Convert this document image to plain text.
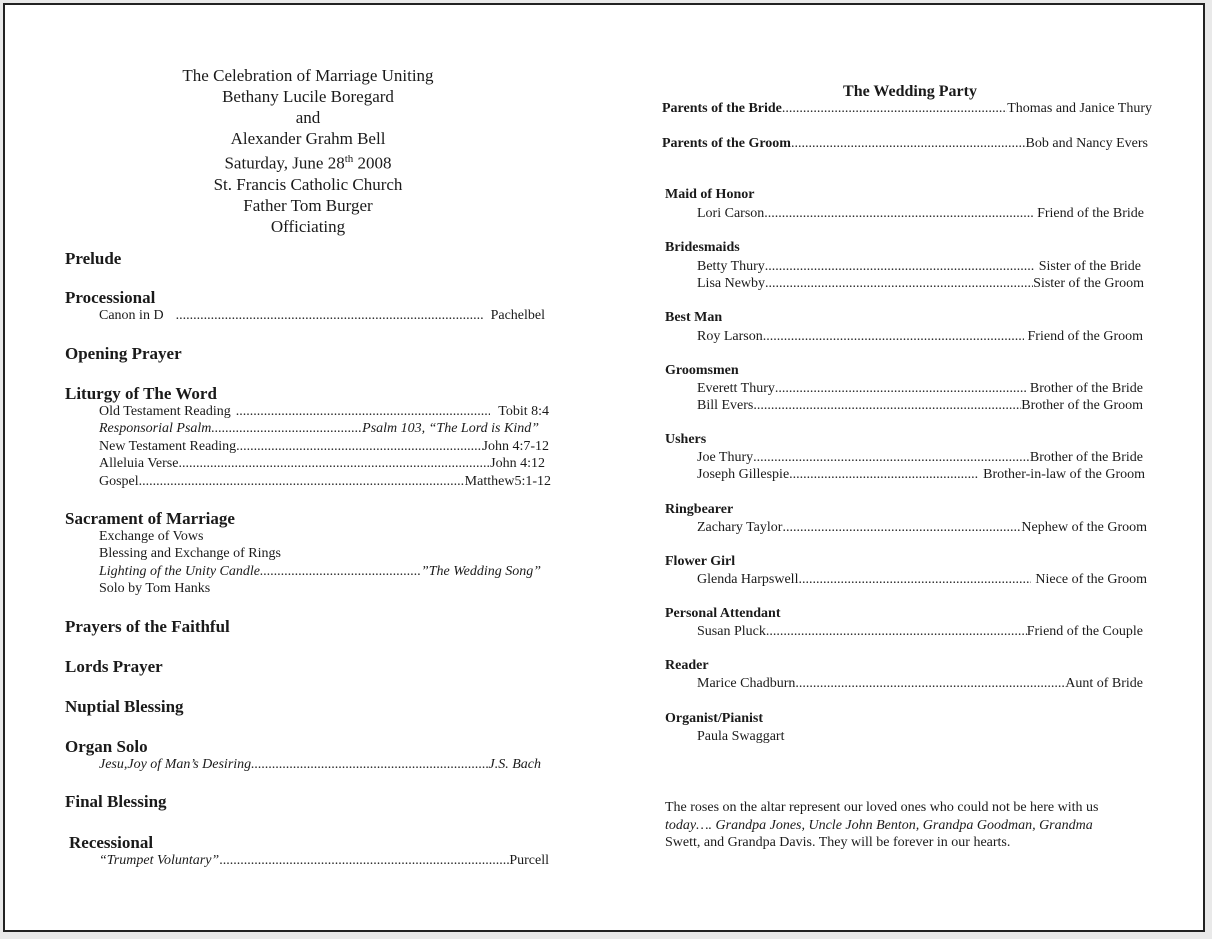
The Celebration of Marriage Uniting
Bethany Lucile Boregard
and
Alexander Grahm Bell
Saturday, June 28th 2008
St. Francis Catholic Church
Father Tom Burger
Officiating
Prelude
Processional
Canon in D .....	Pachelbel
Opening Prayer
Liturgy of The Word
Old Testament Reading .....	Tobit 8:4
Responsorial Psalm .....	Psalm 103, “The Lord is Kind”
New Testament Reading .....	John 4:7-12
Alleluia Verse .....	John 4:12
Gospel .....	Matthew5:1-12
Sacrament of Marriage
Exchange of Vows
Blessing and Exchange of Rings
Lighting of the Unity Candle .....	”The Wedding Song”
Solo by Tom Hanks
Prayers of the Faithful
Lords Prayer
Nuptial Blessing
Organ Solo
Jesu,Joy of Man’s Desiring .....	J.S. Bach
Final Blessing
Recessional
“Trumpet Voluntary” .....	Purcell
The Wedding Party
Parents of the Bride .....	Thomas and Janice Thury
Parents of the Groom .....	Bob and Nancy Evers
Maid of Honor
Lori Carson .....	Friend of the Bride
Bridesmaids
Betty Thury .....	Sister of the Bride
Lisa Newby .....	Sister of the Groom
Best Man
Roy Larson .....	Friend of the Groom
Groomsmen
Everett Thury .....	Brother of the Bride
Bill Evers .....	Brother of the Groom
Ushers
Joe Thury .....	Brother of the Bride
Joseph Gillespie .....	Brother-in-law of the Groom
Ringbearer
Zachary Taylor .....	Nephew of the Groom
Flower Girl
Glenda Harpswell .....	Niece of the Groom
Personal Attendant
Susan Pluck .....	Friend of the Couple
Reader
Marice Chadburn .....	Aunt of Bride
Organist/Pianist
Paula Swaggart
The roses on the altar represent our loved ones who could not be here with us
today…. Grandpa Jones, Uncle John Benton, Grandpa Goodman, Grandma
Swett, and Grandpa Davis. They will be forever in our hearts.
